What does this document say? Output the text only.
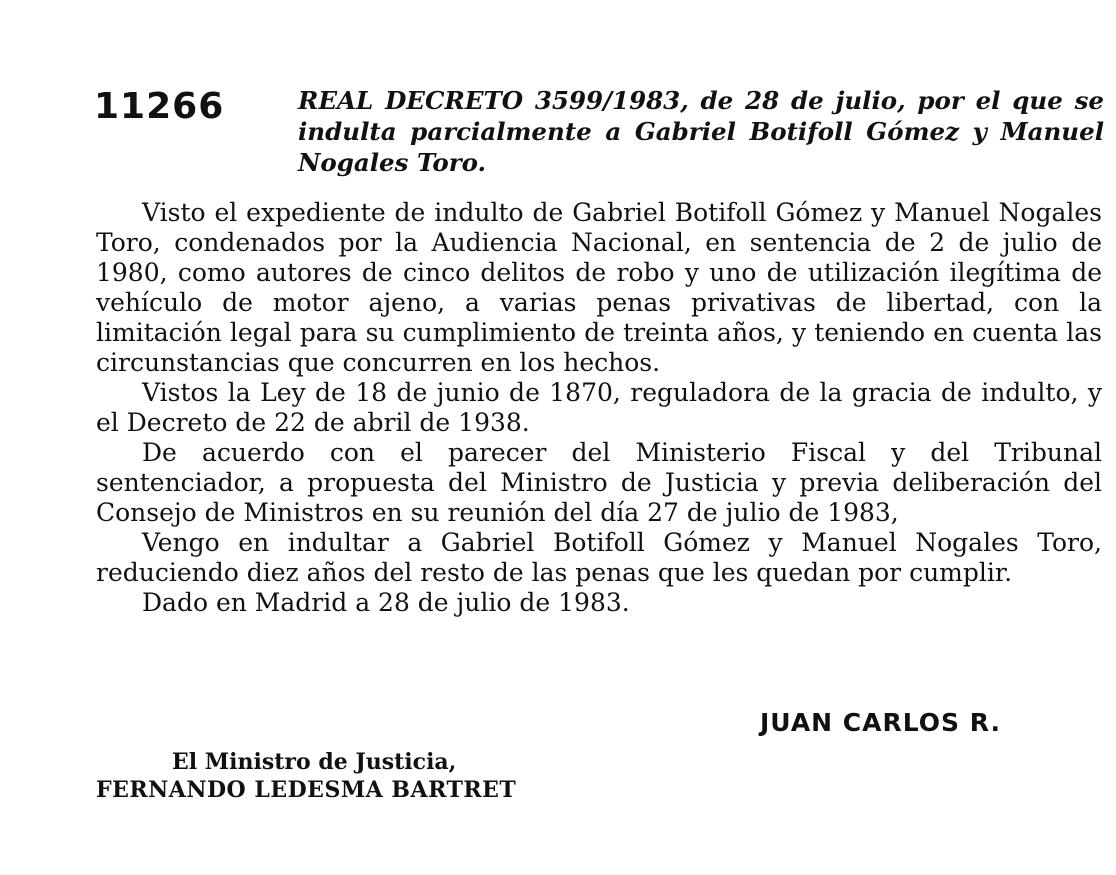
11266	REAL DECRETO 3599/1983, de 28 de julio, por el que se indulta parcialmente a Gabriel Botifoll Gómez y Manuel Nogales Toro.

Visto el expediente de indulto de Gabriel Botifoll Gómez y Manuel Nogales Toro, condenados por la Audiencia Nacional, en sentencia de 2 de julio de 1980, como autores de cinco delitos de robo y uno de utilización ilegítima de vehículo de motor ajeno, a varias penas privativas de libertad, con la limitación legal para su cumplimiento de treinta años, y teniendo en cuenta las circunstancias que concurren en los hechos.

Vistos la Ley de 18 de junio de 1870, reguladora de la gracia de indulto, y el Decreto de 22 de abril de 1938.

De acuerdo con el parecer del Ministerio Fiscal y del Tribunal sentenciador, a propuesta del Ministro de Justicia y previa deliberación del Consejo de Ministros en su reunión del día 27 de julio de 1983,

Vengo en indultar a Gabriel Botifoll Gómez y Manuel Nogales Toro, reduciendo diez años del resto de las penas que les quedan por cumplir.

Dado en Madrid a 28 de julio de 1983.

JUAN CARLOS R.
El Ministro de Justicia,
FERNANDO LEDESMA BARTRET
